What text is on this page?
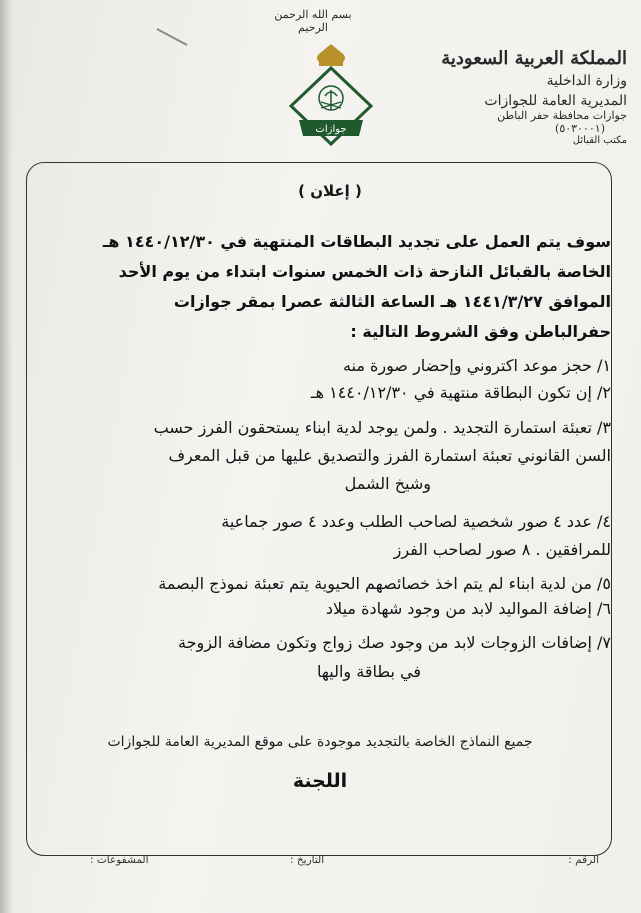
بسم الله الرحمن الرحيم
جوازات
المملكة العربية السعودية
وزارة الداخلية
المديرية العامة للجوازات
جوازات محافظة حفر الباطن
(٥٠٣٠٠٠١)
مكتب القبائل
( إعلان )
سوف يتم العمل على تجديد البطاقات المنتهية في ١٤٤٠/١٢/٣٠ هـ
الخاصة بالقبائل النازحة ذات الخمس سنوات ابتداء من يوم الأحد
الموافق ١٤٤١/٣/٢٧ هـ الساعة الثالثة عصرا بمقر جوازات
حفرالباطن وفق الشروط التالية :
١/ حجز موعد اكتروني وإحضار صورة منه
٢/ إن تكون البطاقة منتهية في ١٤٤٠/١٢/٣٠ هـ
٣/ تعبئة استمارة التجديد . ولمن يوجد لدية ابناء يستحقون الفرز حسب
السن القانوني تعبئة استمارة الفرز والتصديق عليها من قبل المعرف
وشيخ الشمل
٤/ عدد ٤ صور شخصية لصاحب الطلب وعدد ٤ صور جماعية
للمرافقين . ٨ صور لصاحب الفرز
٥/ من لدية ابناء لم يتم اخذ خصائصهم الحيوية يتم تعبئة نموذج البصمة
٦/ إضافة المواليد لابد من وجود شهادة ميلاد
٧/ إضافات الزوجات لابد من وجود صك زواج وتكون مضافة الزوجة
في بطاقة واليها
جميع النماذج الخاصة بالتجديد موجودة على موقع المديرية العامة للجوازات
اللجنة
الرقم :
التاريخ :
المشفوعات :
